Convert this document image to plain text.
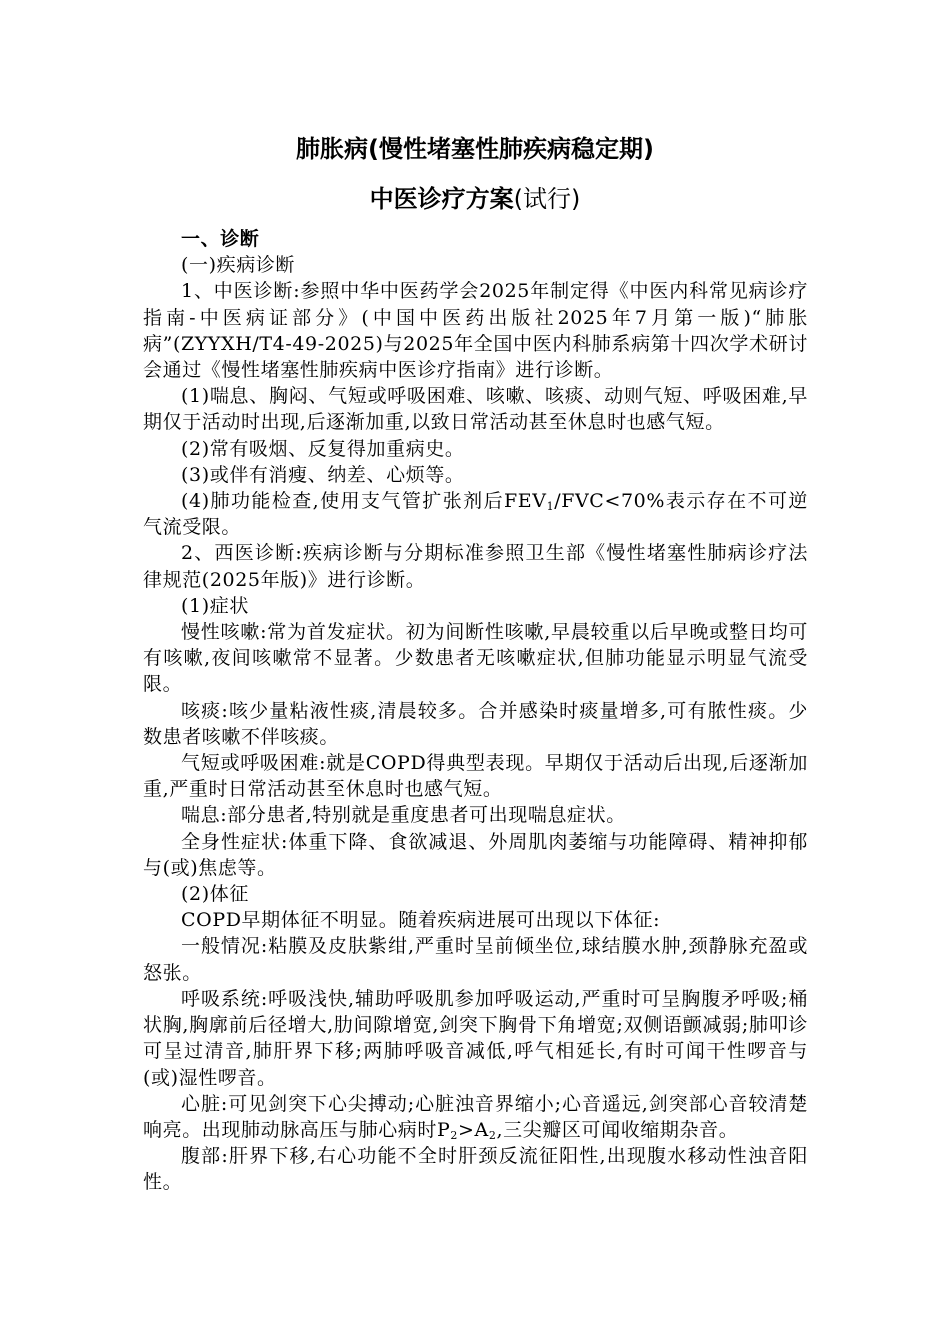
肺胀病(慢性堵塞性肺疾病稳定期)
中医诊疗方案(试行)

一、诊断

(一)疾病诊断

1、中医诊断:参照中华中医药学会2025年制定得《中医内科常见病诊疗指南-中医病证部分》(中国中医药出版社2025年7月第一版)“肺胀病”(ZYYXH/T4-49-2025)与2025年全国中医内科肺系病第十四次学术研讨会通过《慢性堵塞性肺疾病中医诊疗指南》进行诊断。

(1)喘息、胸闷、气短或呼吸困难、咳嗽、咳痰、动则气短、呼吸困难,早期仅于活动时出现,后逐渐加重,以致日常活动甚至休息时也感气短。

(2)常有吸烟、反复得加重病史。

(3)或伴有消瘦、纳差、心烦等。

(4)肺功能检查,使用支气管扩张剂后$FEV_1/FVC<70\%$表示存在不可逆气流受限。

2、西医诊断:疾病诊断与分期标准参照卫生部《慢性堵塞性肺病诊疗法律规范(2025年版)》进行诊断。

(1)症状

慢性咳嗽:常为首发症状。初为间断性咳嗽,早晨较重以后早晚或整日均可有咳嗽,夜间咳嗽常不显著。少数患者无咳嗽症状,但肺功能显示明显气流受限。

咳痰:咳少量粘液性痰,清晨较多。合并感染时痰量增多,可有脓性痰。少数患者咳嗽不伴咳痰。

气短或呼吸困难:就是COPD得典型表现。早期仅于活动后出现,后逐渐加重,严重时日常活动甚至休息时也感气短。

喘息:部分患者,特别就是重度患者可出现喘息症状。

全身性症状:体重下降、食欲减退、外周肌肉萎缩与功能障碍、精神抑郁与(或)焦虑等。

(2)体征

COPD早期体征不明显。随着疾病进展可出现以下体征:

一般情况:粘膜及皮肤紫绀,严重时呈前倾坐位,球结膜水肿,颈静脉充盈或怒张。

呼吸系统:呼吸浅快,辅助呼吸肌参加呼吸运动,严重时可呈胸腹矛呼吸;桶状胸,胸廓前后径增大,肋间隙增宽,剑突下胸骨下角增宽;双侧语颤减弱;肺叩诊可呈过清音,肺肝界下移;两肺呼吸音减低,呼气相延长,有时可闻干性啰音与(或)湿性啰音。

心脏:可见剑突下心尖搏动;心脏浊音界缩小;心音遥远,剑突部心音较清楚响亮。出现肺动脉高压与肺心病时$P_2>A_2$,三尖瓣区可闻收缩期杂音。

腹部:肝界下移,右心功能不全时肝颈反流征阳性,出现腹水移动性浊音阳性。
